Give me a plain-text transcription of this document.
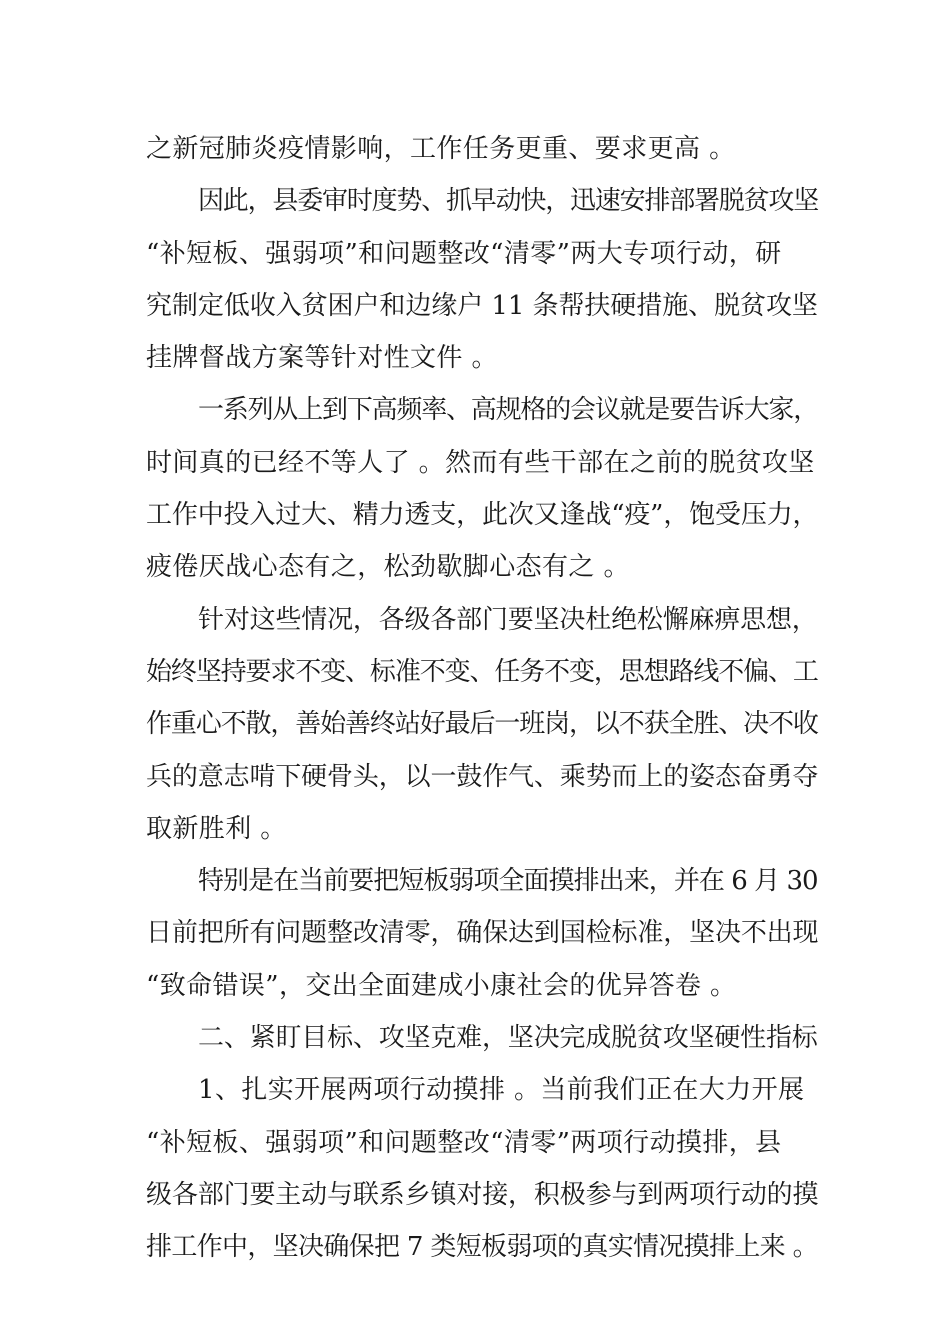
之新冠肺炎疫情影响，工作任务更重、要求更高 。
因此，县委审时度势、抓早动快，迅速安排部署脱贫攻坚
“补短板、强弱项”和问题整改“清零”两大专项行动，研
究制定低收入贫困户和边缘户 11 条帮扶硬措施、脱贫攻坚
挂牌督战方案等针对性文件 。
一系列从上到下高频率、高规格的会议就是要告诉大家，
时间真的已经不等人了 。然而有些干部在之前的脱贫攻坚
工作中投入过大、精力透支，此次又逢战“疫”，饱受压力，
疲倦厌战心态有之，松劲歇脚心态有之 。
针对这些情况，各级各部门要坚决杜绝松懈麻痹思想，
始终坚持要求不变、标准不变、任务不变，思想路线不偏、工
作重心不散，善始善终站好最后一班岗，以不获全胜、决不收
兵的意志啃下硬骨头，以一鼓作气、乘势而上的姿态奋勇夺
取新胜利 。
特别是在当前要把短板弱项全面摸排出来，并在 6 月 30
日前把所有问题整改清零，确保达到国检标准，坚决不出现
“致命错误”，交出全面建成小康社会的优异答卷 。
二、紧盯目标、攻坚克难，坚决完成脱贫攻坚硬性指标
1、扎实开展两项行动摸排 。当前我们正在大力开展
“补短板、强弱项”和问题整改“清零”两项行动摸排，县
级各部门要主动与联系乡镇对接，积极参与到两项行动的摸
排工作中，坚决确保把 7 类短板弱项的真实情况摸排上来 。
